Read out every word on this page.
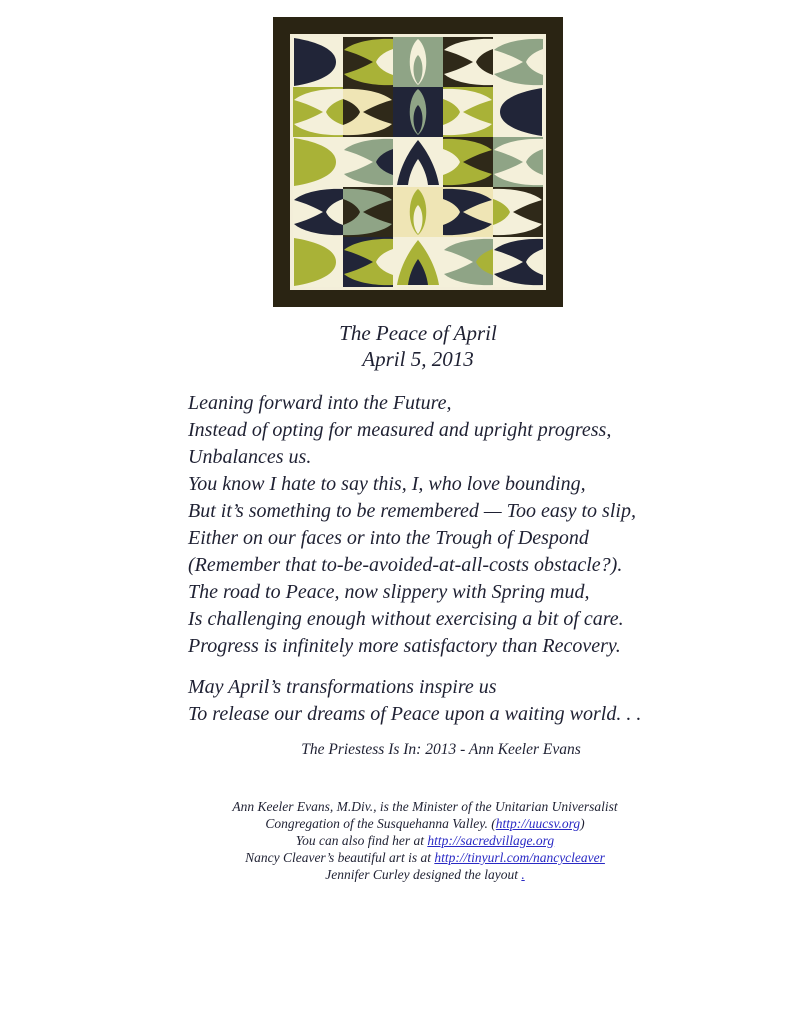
The Peace of April
April 5, 2013
Leaning forward into the Future,
Instead of opting for measured and upright progress,
Unbalances us.
You know I hate to say this, I, who love bounding,
But it’s something to be remembered — Too easy to slip,
Either on our faces or into the Trough of Despond
(Remember that to-be-avoided-at-all-costs obstacle?).
The road to Peace, now slippery with Spring mud,
Is challenging enough without exercising a bit of care.
Progress is infinitely more satisfactory than Recovery.
May April’s transformations inspire us
To release our dreams of Peace upon a waiting world. . .
The Priestess Is In: 2013 - Ann Keeler Evans
Ann Keeler Evans, M.Div., is the Minister of the Unitarian Universalist
Congregation of the Susquehanna Valley. (http://uucsv.org)
You can also find her at http://sacredvillage.org
Nancy Cleaver’s beautiful art is at http://tinyurl.com/nancycleaver
Jennifer Curley designed the layout .
